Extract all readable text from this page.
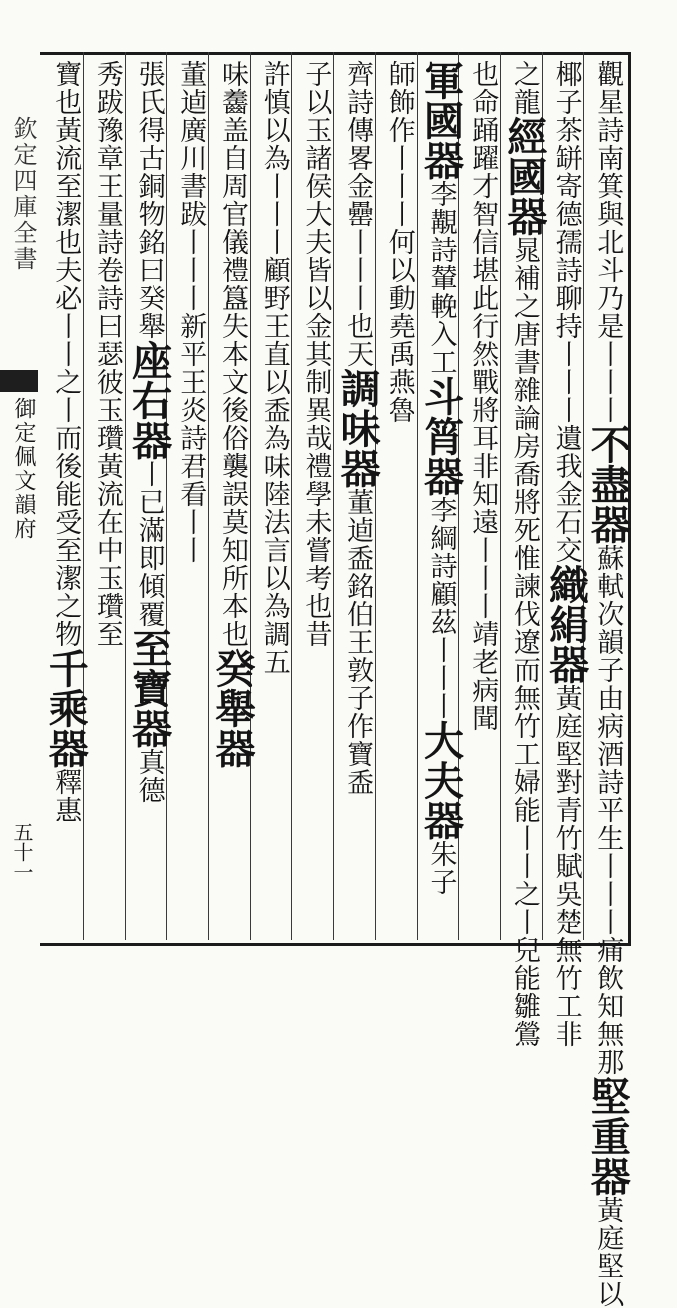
欽定四庫全書
御定佩文韻府
五十一
觀星詩南箕與北斗乃是丨丨丨不盡器蘇軾次韻子由病酒詩平生丨丨丨痛飲知無那堅重器黃庭堅以
椰子茶缾寄德孺詩聊持丨丨丨遺我金石交織絹器黃庭堅對青竹賦吳楚無竹工非
之龍經國器晁補之唐書雜論房喬將死惟諫伐遼而無竹工婦能丨丨之丨兒能雛鶯
也命踊躍才智信堪此行然戰將耳非知遠丨丨丨靖老病聞
軍國器李覯詩輦輓入工斗筲器李綱詩顧茲丨丨丨大夫器朱子
師飾作丨丨丨何以動堯禹燕魯
齊詩傳畧金罍丨丨丨也天調味器董逌盉銘伯王敦子作寶盉
子以玉諸侯大夫皆以金其制異哉禮學未嘗考也昔
許慎以為丨丨丨顧野王直以盉為味陸法言以為調五
味齹盖自周官儀禮簋失本文後俗襲誤莫知所本也癸舉器
董逌廣川書跋丨丨丨新平王炎詩君看丨丨
張氏得古銅物銘曰癸舉座右器丨已滿即傾覆至寶器真德
秀跋豫章王量詩卷詩曰瑟彼玉瓚黃流在中玉瓚至
寶也黃流至潔也夫必丨丨之丨而後能受至潔之物千乘器釋惠
